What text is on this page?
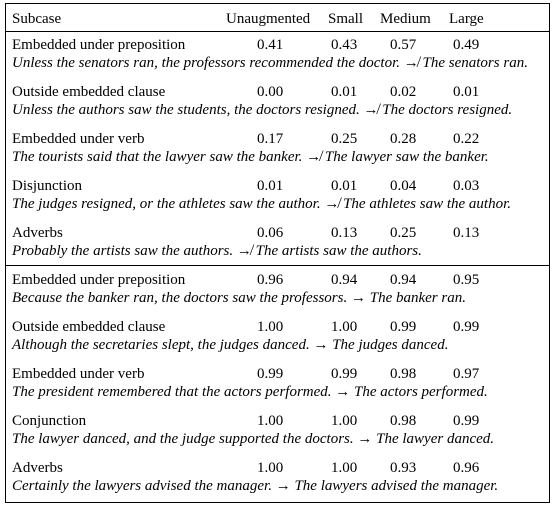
Subcase	Unaugmented Small Medium Large
Embedded under preposition	0.41	0.43 0.57 0.49
Unless the senators ran, the professors recommended the doctor. ↛ The senators ran.
Outside embedded clause	0.00	0.01 0.02 0.01
Unless the authors saw the students, the doctors resigned. ↛ The doctors resigned.
Embedded under verb	0.17	0.25 0.28 0.22
The tourists said that the lawyer saw the banker. ↛ The lawyer saw the banker.
Disjunction	0.01	0.01 0.04 0.03
The judges resigned, or the athletes saw the author. ↛ The athletes saw the author.
Adverbs	0.06	0.13 0.25 0.13
Probably the artists saw the authors. ↛ The artists saw the authors.
Embedded under preposition	0.96	0.94 0.94 0.95
Because the banker ran, the doctors saw the professors. → The banker ran.
Outside embedded clause	1.00	1.00 0.99 0.99
Although the secretaries slept, the judges danced. → The judges danced.
Embedded under verb	0.99	0.99 0.98 0.97
The president remembered that the actors performed. → The actors performed.
Conjunction	1.00	1.00 0.98 0.99
The lawyer danced, and the judge supported the doctors. → The lawyer danced.
Adverbs	1.00	1.00 0.93 0.96
Certainly the lawyers advised the manager. → The lawyers advised the manager.
